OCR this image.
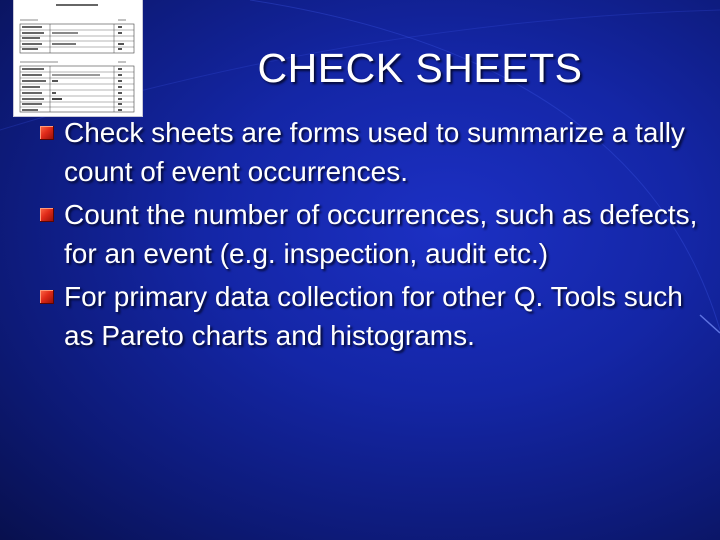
CHECK SHEETS
Check sheets are forms used to summarize a tally count of event occurrences.
Count the number of occurrences, such as defects, for an event (e.g. inspection, audit etc.)
For primary data collection for other Q. Tools such as Pareto charts and histograms.
